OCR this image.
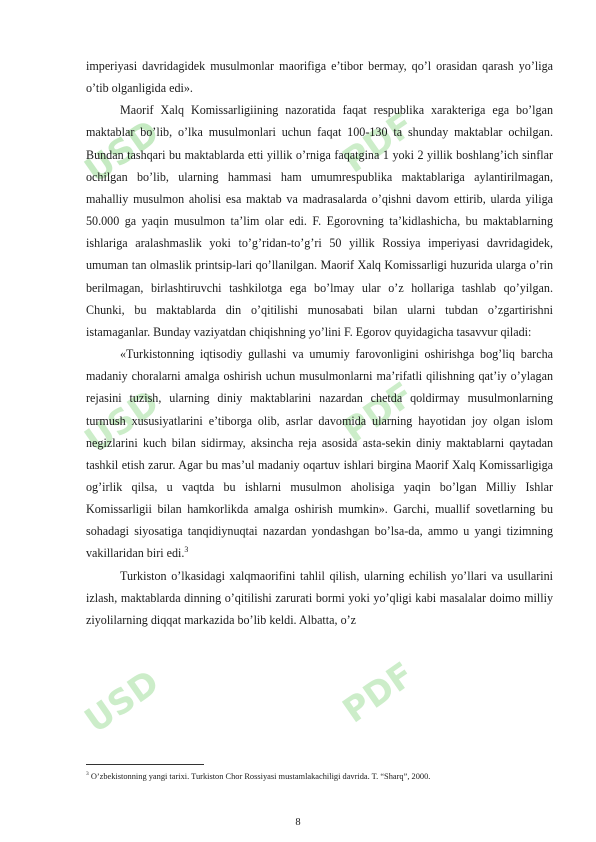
USD	PDF
USD	PDF
USD	PDF

imperiyasi davridagidek musulmonlar maorifiga e’tibor bermay, qo’l orasidan qarash yo’liga o’tib olganligida edi».

Maorif Xalq Komissarligiining nazoratida faqat respublika xarakteriga ega bo’lgan maktablar bo’lib, o’lka musulmonlari uchun faqat 100-130 ta shunday maktablar ochilgan. Bundan tashqari bu maktablarda etti yillik o’rniga faqatgina 1 yoki 2 yillik boshlang’ich sinflar ochilgan bo’lib, ularning hammasi ham umumrespublika maktablariga aylantirilmagan, mahalliy musulmon aholisi esa maktab va madrasalarda o’qishni davom ettirib, ularda yiliga 50.000 ga yaqin musulmon ta’lim olar edi. F. Egorovning ta’kidlashicha, bu maktablarning ishlariga aralashmaslik yoki to’g’ridan-to’g’ri 50 yillik Rossiya imperiyasi davridagidek, umuman tan olmaslik printsip-lari qo’llanilgan. Maorif Xalq Komissarligi huzurida ularga o’rin berilmagan, birlashtiruvchi tashkilotga ega bo’lmay ular o’z hollariga tashlab qo’yilgan. Chunki, bu maktablarda din o’qitilishi munosabati bilan ularni tubdan o’zgartirishni istamaganlar. Bunday vaziyatdan chiqishning yo’lini F. Egorov quyidagicha tasavvur qiladi:

«Turkistonning iqtisodiy gullashi va umumiy farovonligini oshirishga bog’liq barcha madaniy choralarni amalga oshirish uchun musulmonlarni ma’rifatli qilishning qat’iy o’ylagan rejasini tuzish, ularning diniy maktablarini nazardan chetda qoldirmay musulmonlarning turmush xususiyatlarini e’tiborga olib, asrlar davomida ularning hayotidan joy olgan islom negizlarini kuch bilan sidirmay, aksincha reja asosida asta-sekin diniy maktablarni qaytadan tashkil etish zarur. Agar bu mas’ul madaniy oqartuv ishlari birgina Maorif Xalq Komissarligiga og’irlik qilsa, u vaqtda bu ishlarni musulmon aholisiga yaqin bo’lgan Milliy Ishlar Komissarligii bilan hamkorlikda amalga oshirish mumkin». Garchi, muallif sovetlarning bu sohadagi siyosatiga tanqidiynuqtai nazardan yondashgan bo’lsa-da, ammo u yangi tizimning vakillaridan biri edi.$^3$

Turkiston o’lkasidagi xalqmaorifini tahlil qilish, ularning echilish yo’llari va usullarini izlash, maktablarda dinning o’qitilishi zarurati bormi yoki yo’qligi kabi masalalar doimo milliy ziyolilarning diqqat markazida bo’lib keldi. Albatta, o’z

$^3$ O’zbekistonning yangi tarixi. Turkiston Chor Rossiyasi mustamlakachiligi davrida. T. “Sharq”, 2000.
8
